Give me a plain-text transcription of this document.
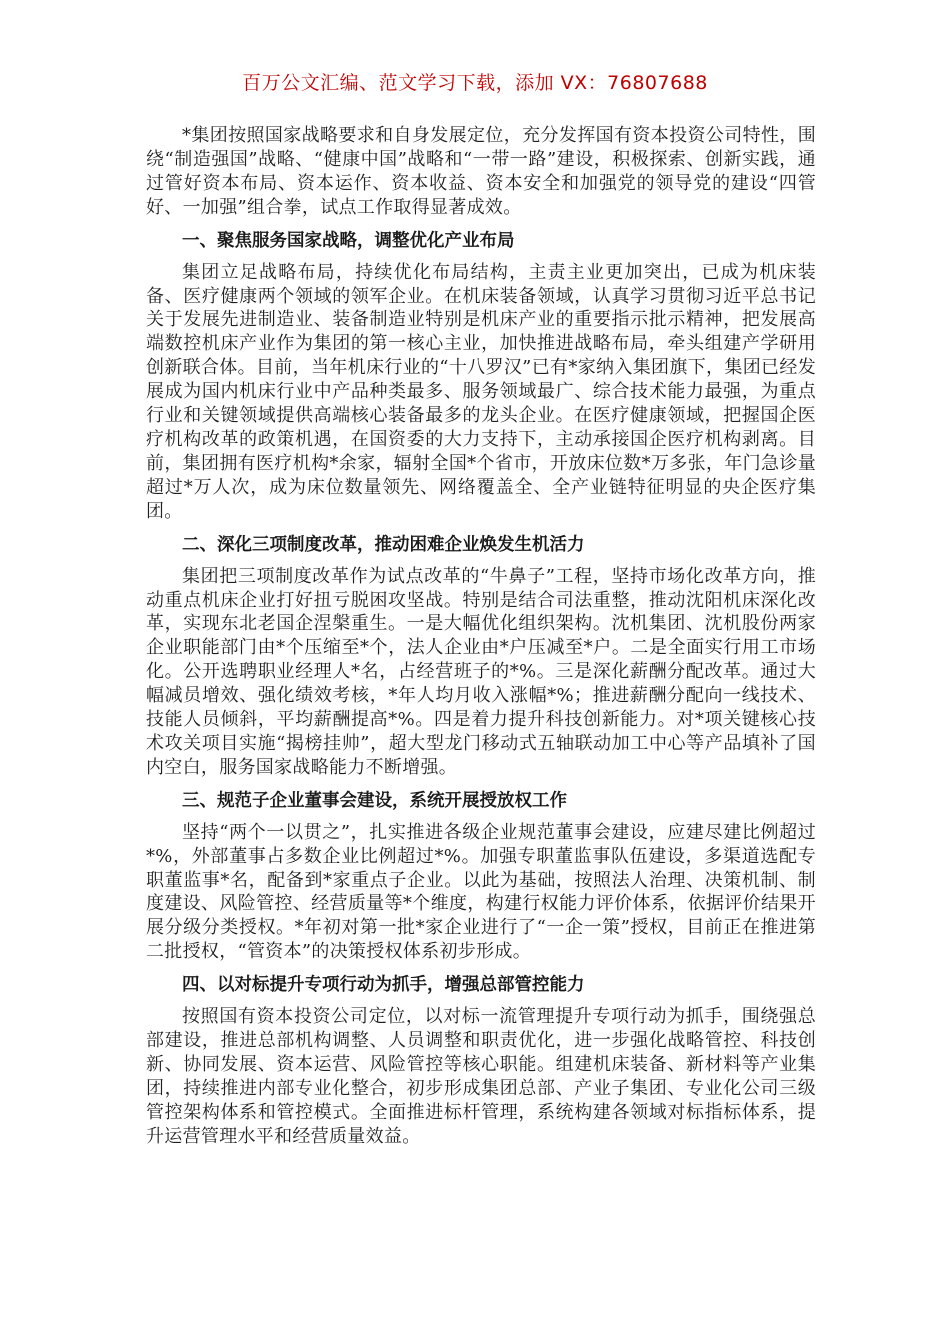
百万公文汇编、范文学习下载，添加 VX：76807688

*集团按照国家战略要求和自身发展定位，充分发挥国有资本投资公司特性，围绕“制造强国”战略、“健康中国”战略和“一带一路”建设，积极探索、创新实践，通过管好资本布局、资本运作、资本收益、资本安全和加强党的领导党的建设“四管好、一加强”组合拳，试点工作取得显著成效。

一、聚焦服务国家战略，调整优化产业布局

集团立足战略布局，持续优化布局结构，主责主业更加突出，已成为机床装备、医疗健康两个领域的领军企业。在机床装备领域，认真学习贯彻习近平总书记关于发展先进制造业、装备制造业特别是机床产业的重要指示批示精神，把发展高端数控机床产业作为集团的第一核心主业，加快推进战略布局，牵头组建产学研用创新联合体。目前，当年机床行业的“十八罗汉”已有*家纳入集团旗下，集团已经发展成为国内机床行业中产品种类最多、服务领域最广、综合技术能力最强，为重点行业和关键领域提供高端核心装备最多的龙头企业。在医疗健康领域，把握国企医疗机构改革的政策机遇，在国资委的大力支持下，主动承接国企医疗机构剥离。目前，集团拥有医疗机构*余家，辐射全国*个省市，开放床位数*万多张，年门急诊量超过*万人次，成为床位数量领先、网络覆盖全、全产业链特征明显的央企医疗集团。

二、深化三项制度改革，推动困难企业焕发生机活力

集团把三项制度改革作为试点改革的“牛鼻子”工程，坚持市场化改革方向，推动重点机床企业打好扭亏脱困攻坚战。特别是结合司法重整，推动沈阳机床深化改革，实现东北老国企涅槃重生。一是大幅优化组织架构。沈机集团、沈机股份两家企业职能部门由*个压缩至*个，法人企业由*户压减至*户。二是全面实行用工市场化。公开选聘职业经理人*名，占经营班子的*%。三是深化薪酬分配改革。通过大幅减员增效、强化绩效考核，*年人均月收入涨幅*%；推进薪酬分配向一线技术、技能人员倾斜，平均薪酬提高*%。四是着力提升科技创新能力。对*项关键核心技术攻关项目实施“揭榜挂帅”，超大型龙门移动式五轴联动加工中心等产品填补了国内空白，服务国家战略能力不断增强。

三、规范子企业董事会建设，系统开展授放权工作

坚持“两个一以贯之”，扎实推进各级企业规范董事会建设，应建尽建比例超过*%，外部董事占多数企业比例超过*%。加强专职董监事队伍建设，多渠道选配专职董监事*名，配备到*家重点子企业。以此为基础，按照法人治理、决策机制、制度建设、风险管控、经营质量等*个维度，构建行权能力评价体系，依据评价结果开展分级分类授权。*年初对第一批*家企业进行了“一企一策”授权，目前正在推进第二批授权，“管资本”的决策授权体系初步形成。

四、以对标提升专项行动为抓手，增强总部管控能力

按照国有资本投资公司定位，以对标一流管理提升专项行动为抓手，围绕强总部建设，推进总部机构调整、人员调整和职责优化，进一步强化战略管控、科技创新、协同发展、资本运营、风险管控等核心职能。组建机床装备、新材料等产业集团，持续推进内部专业化整合，初步形成集团总部、产业子集团、专业化公司三级管控架构体系和管控模式。全面推进标杆管理，系统构建各领域对标指标体系，提升运营管理水平和经营质量效益。
